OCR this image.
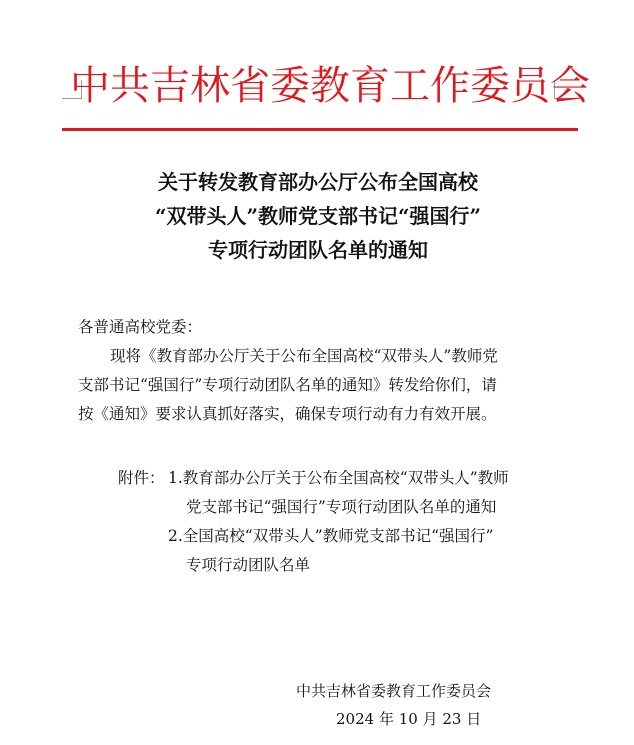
中共吉林省委教育工作委员会
关于转发教育部办公厅公布全国高校
“双带头人”教师党支部书记“强国行”
专项行动团队名单的通知
各普通高校党委：
现将《教育部办公厅关于公布全国高校“双带头人”教师党
支部书记“强国行”专项行动团队名单的通知》转发给你们，请
按《通知》要求认真抓好落实，确保专项行动有力有效开展。
附件： 1.教育部办公厅关于公布全国高校“双带头人”教师
党支部书记“强国行”专项行动团队名单的通知
2.全国高校“双带头人”教师党支部书记“强国行”
专项行动团队名单
中共吉林省委教育工作委员会
2024 年 10 月 23 日
